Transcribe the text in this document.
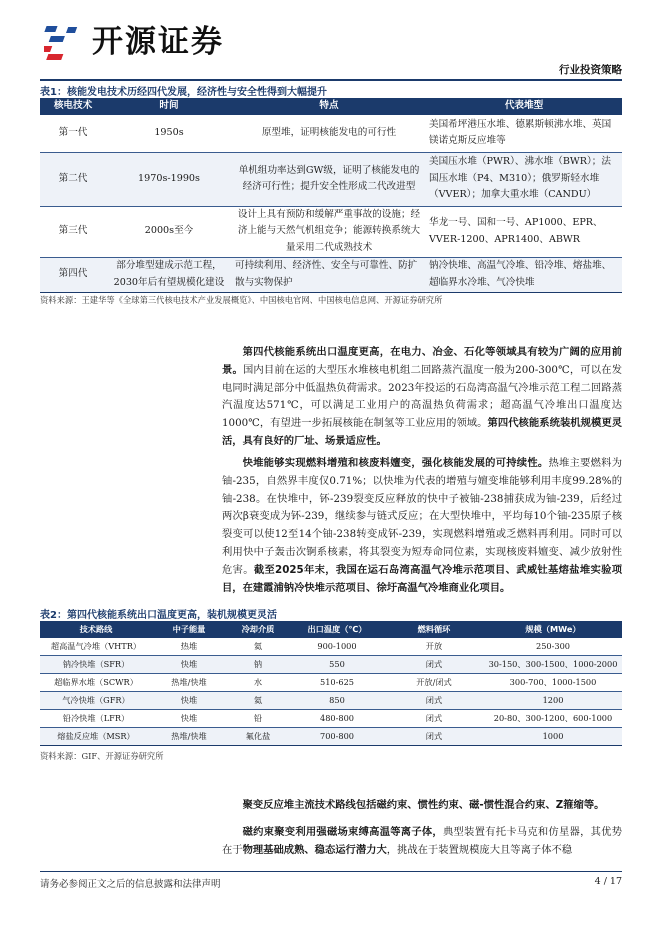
开源证券
行业投资策略
表1：核能发电技术历经四代发展，经济性与安全性得到大幅提升
核电技术	时间	特点	代表堆型
第一代	1950s	原型堆，证明核能发电的可行性	美国希坪港压水堆、德累斯顿沸水堆、英国镁诺克斯反应堆等
第二代	1970s-1990s	单机组功率达到GW级，证明了核能发电的经济可行性；提升安全性形成二代改进型	美国压水堆（PWR）、沸水堆（BWR）；法国压水堆（P4、M310）；俄罗斯轻水堆（VVER）；加拿大重水堆（CANDU）
第三代	2000s至今	设计上具有预防和缓解严重事故的设施；经济上能与天然气机组竞争；能源转换系统大量采用二代成熟技术	华龙一号、国和一号、AP1000、EPR、VVER-1200、APR1400、ABWR
第四代	部分堆型建成示范工程，2030年后有望规模化建设	可持续利用、经济性、安全与可靠性、防扩散与实物保护	钠冷快堆、高温气冷堆、铅冷堆、熔盐堆、超临界水冷堆、气冷快堆
资料来源：王建华等《全球第三代核电技术产业发展概览》、中国核电官网、中国核电信息网、开源证券研究所
第四代核能系统出口温度更高，在电力、冶金、石化等领域具有较为广阔的应用前景。国内目前在运的大型压水堆核电机组二回路蒸汽温度一般为200-300℃，可以在发电同时满足部分中低温热负荷需求。2023年投运的石岛湾高温气冷堆示范工程二回路蒸汽温度达571℃，可以满足工业用户的高温热负荷需求；超高温气冷堆出口温度达1000℃，有望进一步拓展核能在制氢等工业应用的领域。第四代核能系统装机规模更灵活，具有良好的厂址、场景适应性。
快堆能够实现燃料增殖和核废料嬗变，强化核能发展的可持续性。热堆主要燃料为铀-235，自然界丰度仅0.71%；以快堆为代表的增殖与嬗变堆能够利用丰度99.28%的铀-238。在快堆中，钚-239裂变反应释放的快中子被铀-238捕获成为铀-239，后经过两次β衰变成为钚-239，继续参与链式反应；在大型快堆中，平均每10个铀-235原子核裂变可以使12至14个铀-238转变成钚-239，实现燃料增殖或乏燃料再利用。同时可以利用快中子轰击次锕系核素，将其裂变为短寿命同位素，实现核废料嬗变、减少放射性危害。截至2025年末，我国在运石岛湾高温气冷堆示范项目、武威钍基熔盐堆实验项目，在建霞浦钠冷快堆示范项目、徐圩高温气冷堆商业化项目。
表2：第四代核能系统出口温度更高，装机规模更灵活
技术路线	中子能量	冷却介质	出口温度（℃）	燃料循环	规模（MWe）
超高温气冷堆（VHTR）	热堆	氦	900-1000	开放	250-300
钠冷快堆（SFR）	快堆	钠	550	闭式	30-150、300-1500、1000-2000
超临界水堆（SCWR）	热堆/快堆	水	510-625	开放/闭式	300-700、1000-1500
气冷快堆（GFR）	快堆	氦	850	闭式	1200
铅冷快堆（LFR）	快堆	铅	480-800	闭式	20-80、300-1200、600-1000
熔盐反应堆（MSR）	热堆/快堆	氟化盐	700-800	闭式	1000
资料来源：GIF、开源证券研究所
聚变反应堆主流技术路线包括磁约束、惯性约束、磁-惯性混合约束、Z箍缩等。
磁约束聚变利用强磁场束缚高温等离子体，典型装置有托卡马克和仿星器，其优势在于物理基础成熟、稳态运行潜力大，挑战在于装置规模庞大且等离子体不稳
请务必参阅正文之后的信息披露和法律声明	4 / 17
